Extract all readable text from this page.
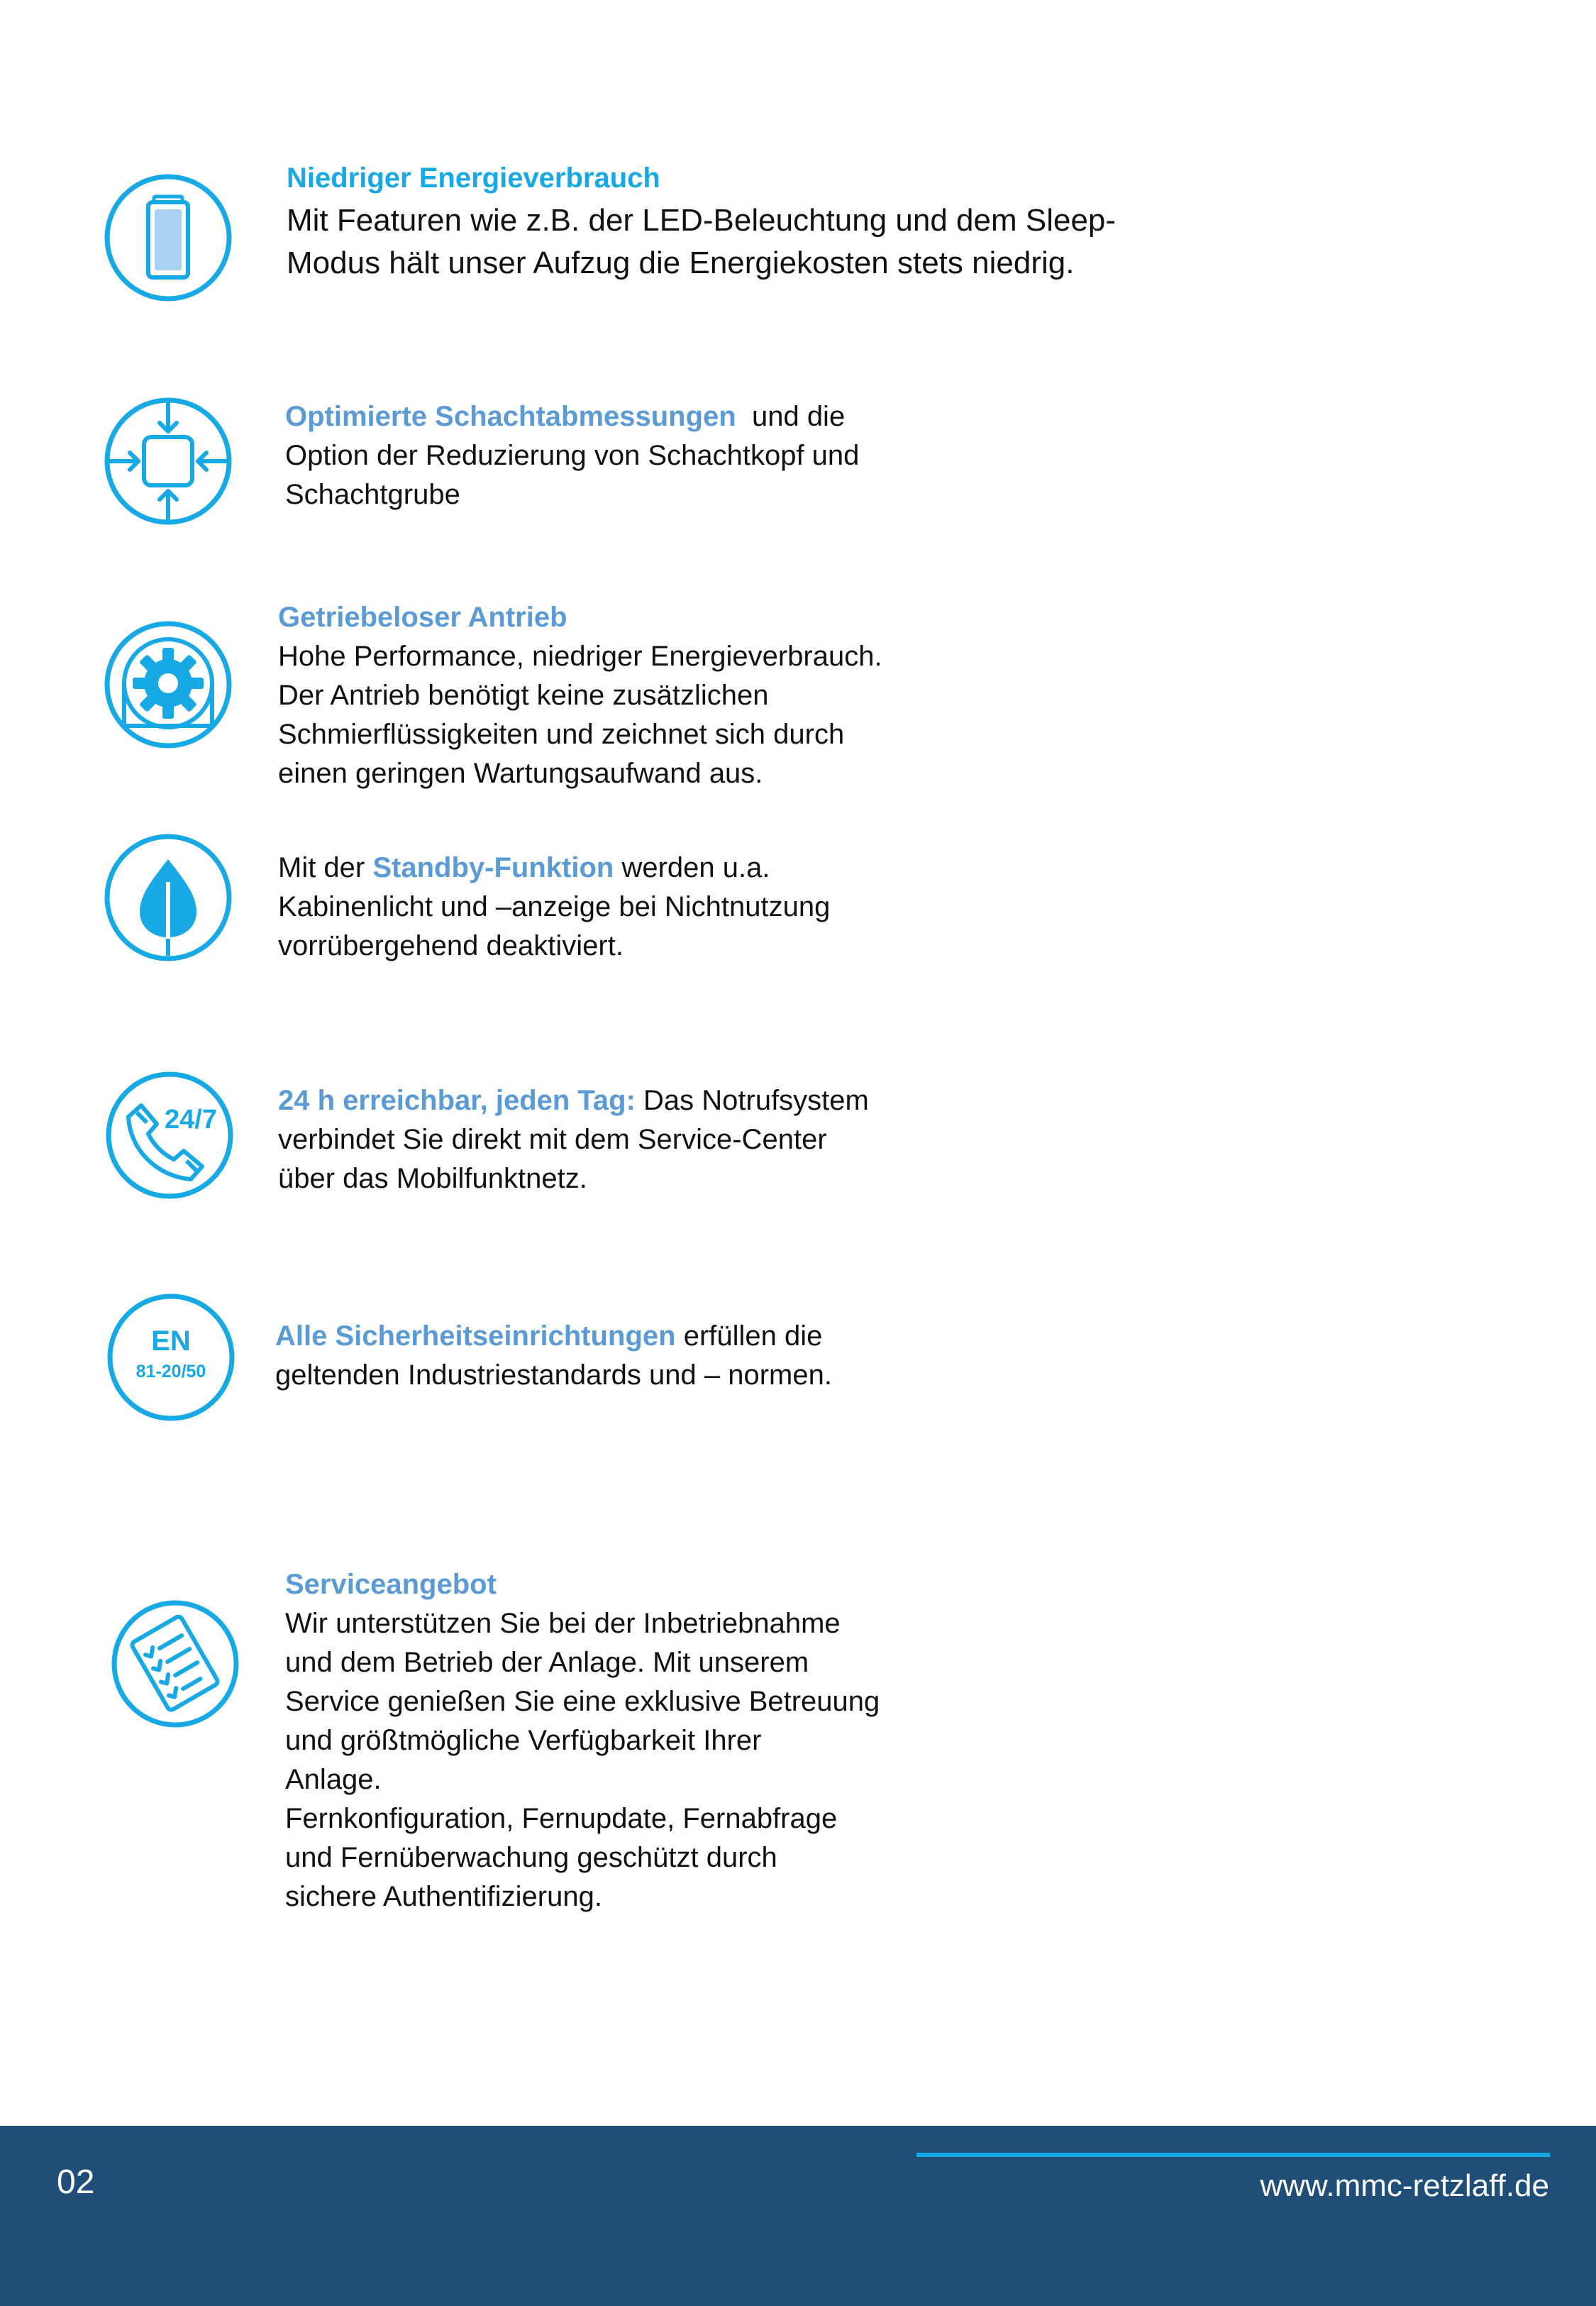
Niedriger Energieverbrauch

Mit Featuren wie z.B. der LED-Beleuchtung und dem Sleep-

Modus hält unser Aufzug die Energiekosten stets niedrig.

Optimierte Schachtabmessungen  und die

Option der Reduzierung von Schachtkopf und

Schachtgrube

Getriebeloser Antrieb

Hohe Performance, niedriger Energieverbrauch.

Der Antrieb benötigt keine zusätzlichen

Schmierflüssigkeiten und zeichnet sich durch

einen geringen Wartungsaufwand aus.

Mit der Standby-Funktion werden u.a.

Kabinenlicht und –anzeige bei Nichtnutzung

vorrübergehend deaktiviert.

24/7

24 h erreichbar, jeden Tag: Das Notrufsystem

verbindet Sie direkt mit dem Service-Center

über das Mobilfunktnetz.

EN
81-20/50

Alle Sicherheitseinrichtungen erfüllen die

geltenden Industriestandards und – normen.

Serviceangebot

Wir unterstützen Sie bei der Inbetriebnahme

und dem Betrieb der Anlage. Mit unserem

Service genießen Sie eine exklusive Betreuung

und größtmögliche Verfügbarkeit Ihrer

Anlage.

Fernkonfiguration, Fernupdate, Fernabfrage

und Fernüberwachung geschützt durch

sichere Authentifizierung.

02	www.mmc-retzlaff.de
